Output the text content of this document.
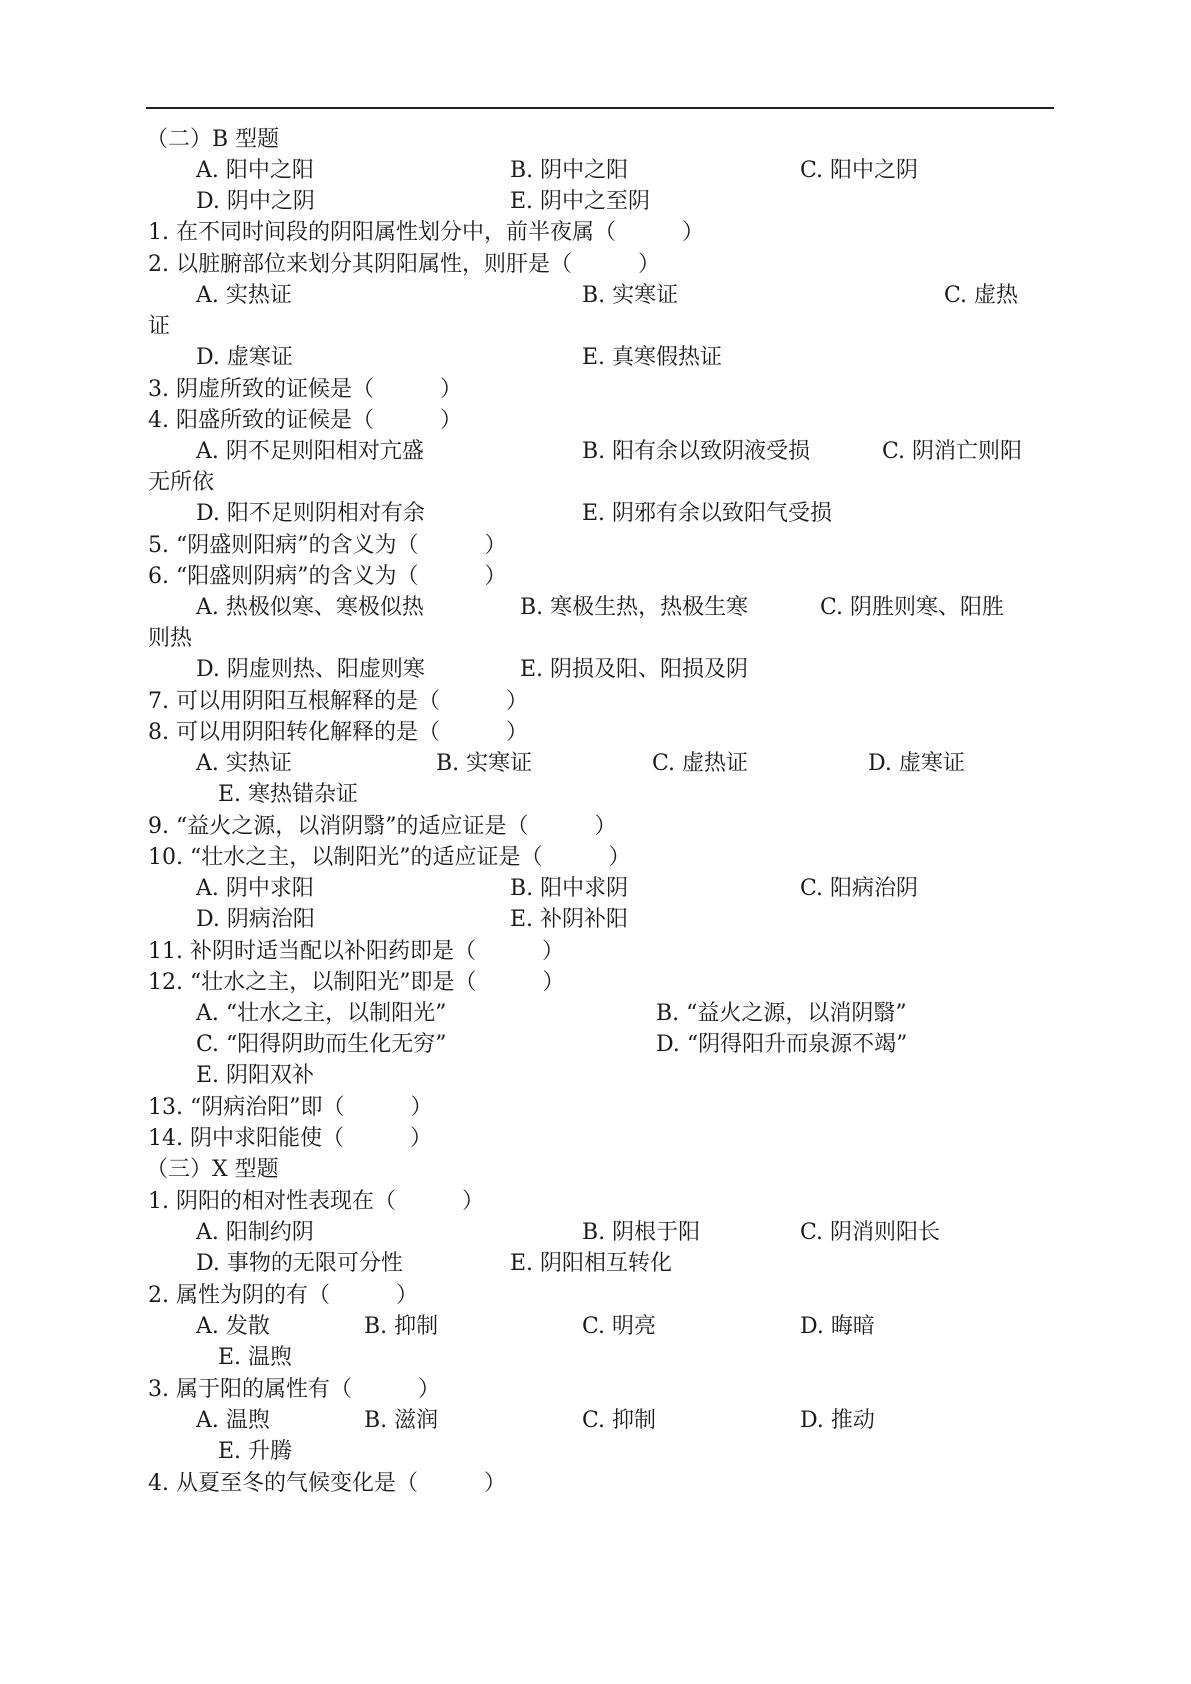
（二）B 型题
A. 阳中之阳	B. 阴中之阳	C. 阳中之阴
D. 阴中之阴	E. 阴中之至阴
1. 在不同时间段的阴阳属性划分中，前半夜属（　　　）
2. 以脏腑部位来划分其阴阳属性，则肝是（　　　）
A. 实热证	B. 实寒证	C. 虚热
证
D. 虚寒证	E. 真寒假热证
3. 阴虚所致的证候是（　　　）
4. 阳盛所致的证候是（　　　）
A. 阴不足则阳相对亢盛	B. 阳有余以致阴液受损	C. 阴消亡则阳
无所依
D. 阳不足则阴相对有余	E. 阴邪有余以致阳气受损
5. “阴盛则阳病”的含义为（　　　）
6. “阳盛则阴病”的含义为（　　　）
A. 热极似寒、寒极似热	B. 寒极生热，热极生寒	C. 阴胜则寒、阳胜
则热
D. 阴虚则热、阳虚则寒	E. 阴损及阳、阳损及阴
7. 可以用阴阳互根解释的是（　　　）
8. 可以用阴阳转化解释的是（　　　）
A. 实热证	B. 实寒证	C. 虚热证	D. 虚寒证
E. 寒热错杂证
9. “益火之源，以消阴翳”的适应证是（　　　）
10. “壮水之主，以制阳光”的适应证是（　　　）
A. 阴中求阳	B. 阳中求阴	C. 阳病治阴
D. 阴病治阳	E. 补阴补阳
11. 补阴时适当配以补阳药即是（　　　）
12. “壮水之主，以制阳光”即是（　　　）
A. “壮水之主，以制阳光”	B. “益火之源，以消阴翳”
C. “阳得阴助而生化无穷”	D. “阴得阳升而泉源不竭”
E. 阴阳双补
13. “阴病治阳”即（　　　）
14. 阴中求阳能使（　　　）
（三）X 型题
1. 阴阳的相对性表现在（　　　）
A. 阳制约阴	B. 阴根于阳	C. 阴消则阳长
D. 事物的无限可分性	E. 阴阳相互转化
2. 属性为阴的有（　　　）
A. 发散	B. 抑制	C. 明亮	D. 晦暗
E. 温煦
3. 属于阳的属性有（　　　）
A. 温煦	B. 滋润	C. 抑制	D. 推动
E. 升腾
4. 从夏至冬的气候变化是（　　　）
